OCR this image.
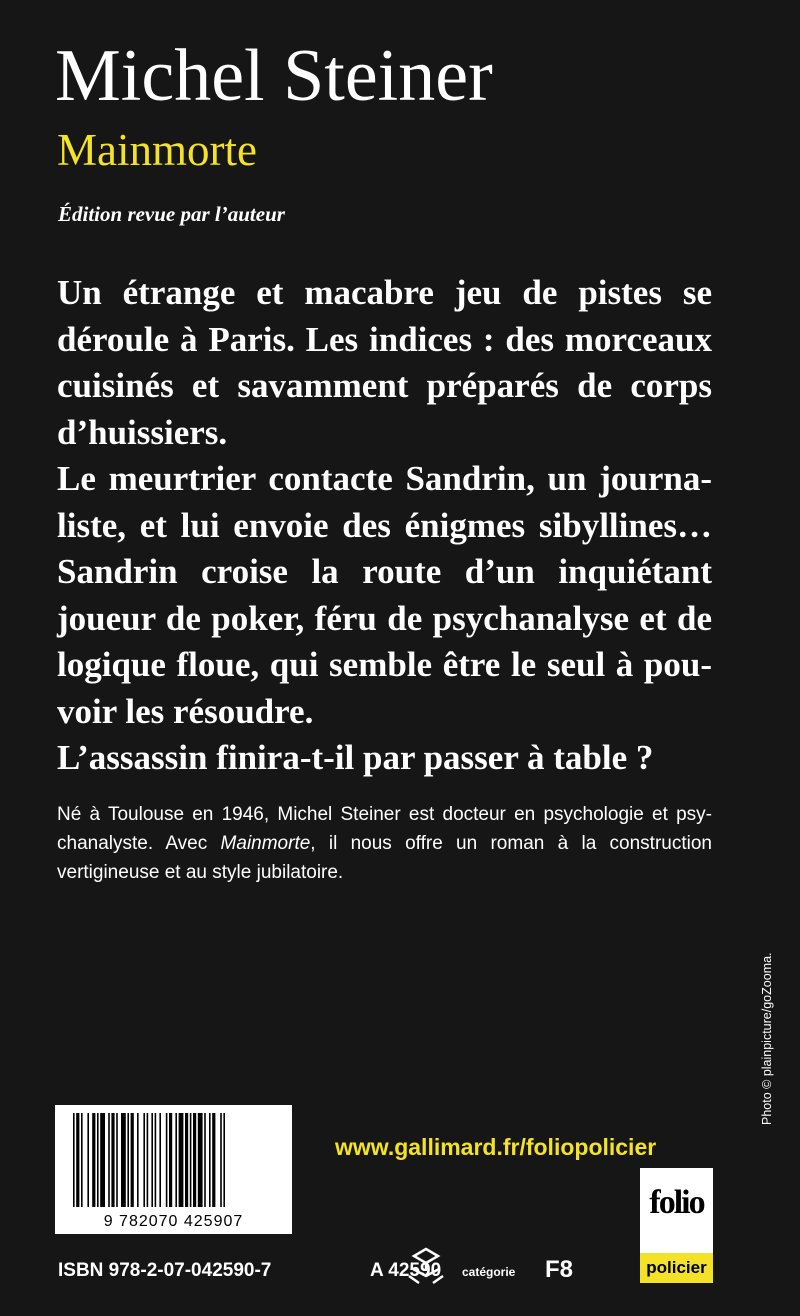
Michel Steiner
Mainmorte
Édition revue par l’auteur

Un étrange et macabre jeu de pistes se déroule à Paris. Les indices : des morceaux cuisinés et savamment préparés de corps d’huissiers.

Le meurtrier contacte Sandrin, un journaliste, et lui envoie des énigmes sibyllines… Sandrin croise la route d’un inquiétant joueur de poker, féru de psychanalyse et de logique floue, qui semble être le seul à pouvoir les résoudre.

L’assassin finira-t-il par passer à table ?

Né à Toulouse en 1946, Michel Steiner est docteur en psychologie et psychanalyste. Avec Mainmorte, il nous offre un roman à la construction vertigineuse et au style jubilatoire.
Photo © plainpicture/goZooma.
www.gallimard.fr/foliopolicier
9 782070 425907
ISBN 978-2-07-042590-7	A 42590 catégorie F8
folio
policier
